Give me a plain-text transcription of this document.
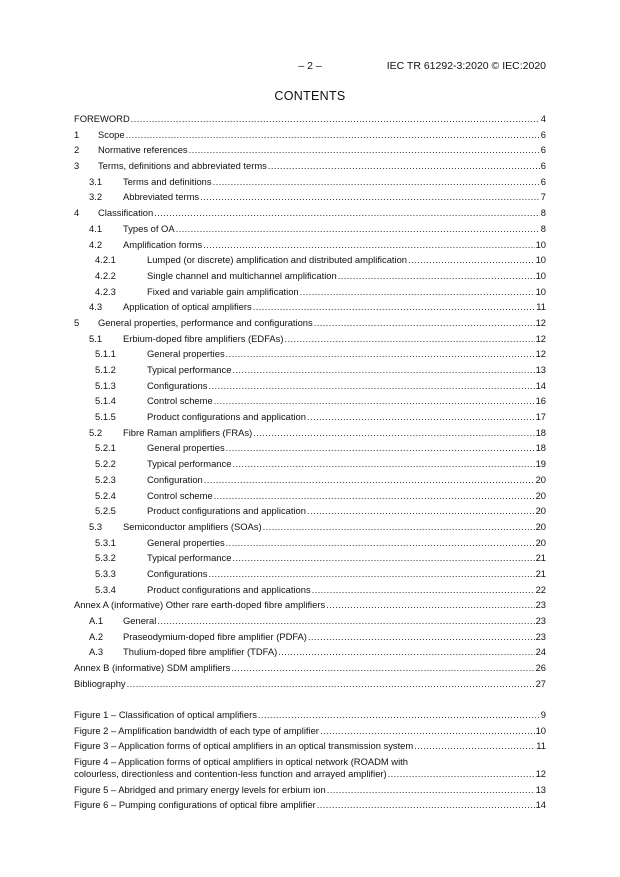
– 2 –	IEC TR 61292-3:2020 © IEC:2020
CONTENTS
FOREWORD .....	4
1	Scope .....	6
2	Normative references .....	6
3	Terms, definitions and abbreviated terms .....	6
3.1	Terms and definitions .....	6
3.2	Abbreviated terms .....	7
4	Classification .....	8
4.1	Types of OA .....	8
4.2	Amplification forms .....	10
4.2.1	Lumped (or discrete) amplification and distributed amplification .....	10
4.2.2	Single channel and multichannel amplification .....	10
4.2.3	Fixed and variable gain amplification .....	10
4.3	Application of optical amplifiers .....	11
5	General properties, performance and configurations .....	12
5.1	Erbium-doped fibre amplifiers (EDFAs) .....	12
5.1.1	General properties .....	12
5.1.2	Typical performance .....	13
5.1.3	Configurations .....	14
5.1.4	Control scheme .....	16
5.1.5	Product configurations and application .....	17
5.2	Fibre Raman amplifiers (FRAs) .....	18
5.2.1	General properties .....	18
5.2.2	Typical performance .....	19
5.2.3	Configuration .....	20
5.2.4	Control scheme .....	20
5.2.5	Product configurations and application .....	20
5.3	Semiconductor amplifiers (SOAs) .....	20
5.3.1	General properties .....	20
5.3.2	Typical performance .....	21
5.3.3	Configurations .....	21
5.3.4	Product configurations and applications .....	22
Annex A (informative) Other rare earth-doped fibre amplifiers .....	23
A.1	General .....	23
A.2	Praseodymium-doped fibre amplifier (PDFA) .....	23
A.3	Thulium-doped fibre amplifier (TDFA) .....	24
Annex B (informative) SDM amplifiers .....	26
Bibliography .....	27
Figure 1 – Classification of optical amplifiers .....	9
Figure 2 – Amplification bandwidth of each type of amplifier .....	10
Figure 3 – Application forms of optical amplifiers in an optical transmission system .....	11
Figure 4 – Application forms of optical amplifiers in optical network (ROADM with
colourless, directionless and contention-less function and arrayed amplifier) .....	12
Figure 5 – Abridged and primary energy levels for erbium ion .....	13
Figure 6 – Pumping configurations of optical fibre amplifier .....	14
